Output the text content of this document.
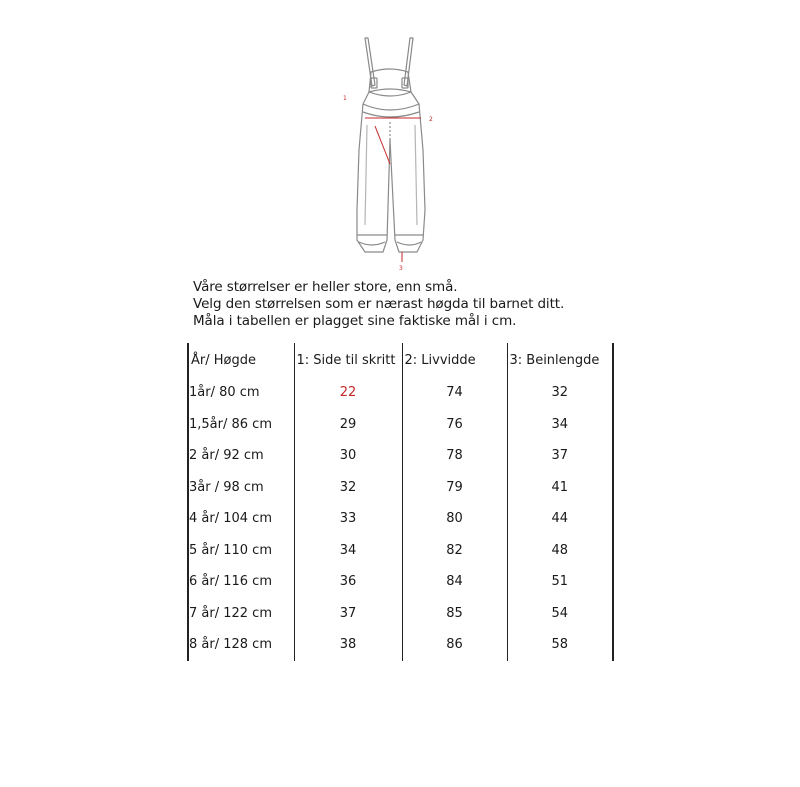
1
2
3
Våre størrelser er heller store, enn små.
Velg den størrelsen som er nærast høgda til barnet ditt.
Måla i tabellen er plagget sine faktiske mål i cm.
År/ Høgde	1: Side til skritt	2: Livvidde	3: Beinlengde
1år/ 80 cm	22	74	32
1,5år/ 86 cm	29	76	34
2 år/ 92 cm	30	78	37
3år / 98 cm	32	79	41
4 år/ 104 cm	33	80	44
5 år/ 110 cm	34	82	48
6 år/ 116 cm	36	84	51
7 år/ 122 cm	37	85	54
8 år/ 128 cm	38	86	58
